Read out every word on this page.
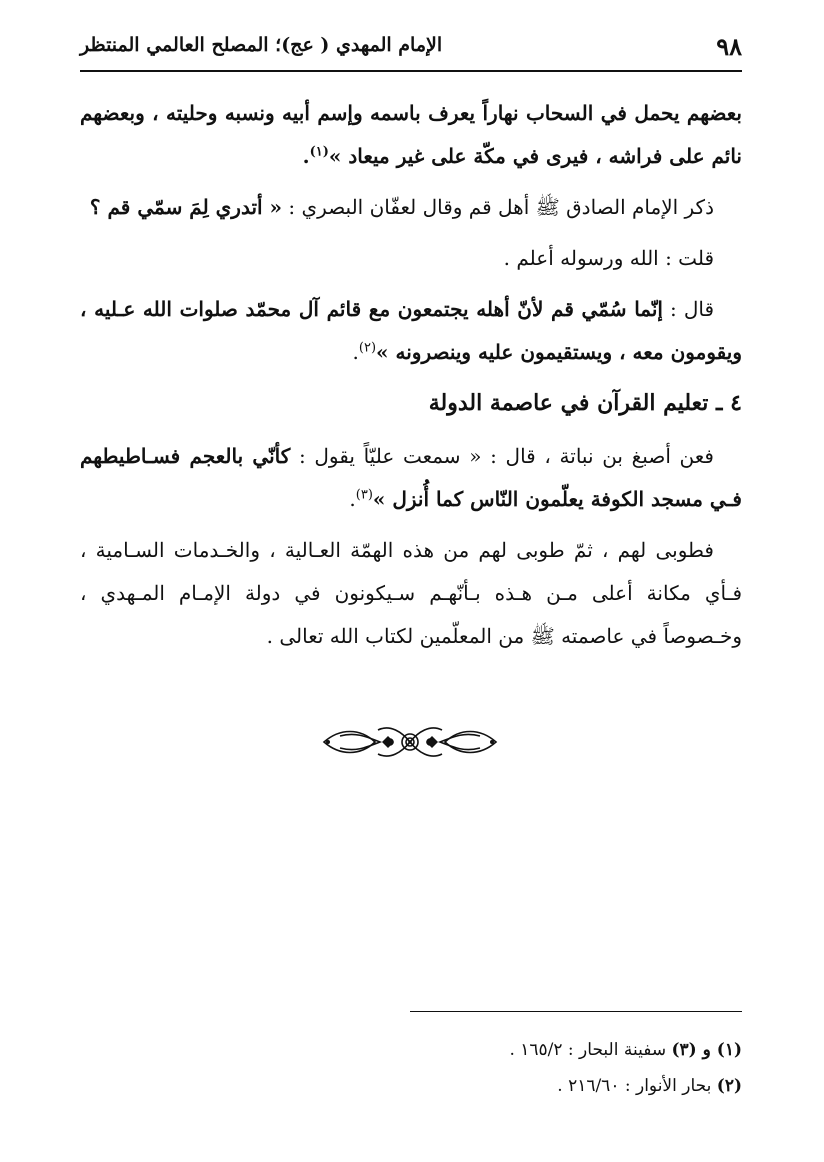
٩٨
الإمام المهدي ( عج)؛ المصلح العالمي المنتظر

بعضهم يحمل في السحاب نهاراً يعرف باسمه وإسم أبيه ونسبه وحليته ، وبعضهم نائم على فراشه ، فيرى في مكّة على غير ميعاد »$^{(١)}$.

ذكر الإمام الصادق ﷺ أهل قم وقال لعفّان البصري : « أتدري لِمَ سمّي قم ؟

قلت : الله ورسوله أعلم .

قال : إنّما سُمّي قم لأنّ أهله يجتمعون مع قائم آل محمّد صلوات الله عـليه ، ويقومون معه ، ويستقيمون عليه وينصرونه »$^{(٢)}$.

٤ ـ تعليم القرآن في عاصمة الدولة

فعن أصبغ بن نباتة ، قال : « سمعت عليّاً يقول : كأنّي بالعجم فسـاطيطهم فـي مسجد الكوفة يعلّمون النّاس كما أُنزل »$^{(٣)}$.

فطوبى لهم ، ثمّ طوبى لهم من هذه الهمّة العـالية ، والخـدمات السـامية ، فـأي مكانة أعلى مـن هـذه بـأنّهـم سـيكونون في دولة الإمـام المـهدي ، وخـصوصاً في عاصمته ﷺ من المعلّمين لكتاب الله تعالى .

(١) و (٣) سفينة البحار : ١٦٥/٢ .
(٢) بحار الأنوار : ٢١٦/٦٠ .
